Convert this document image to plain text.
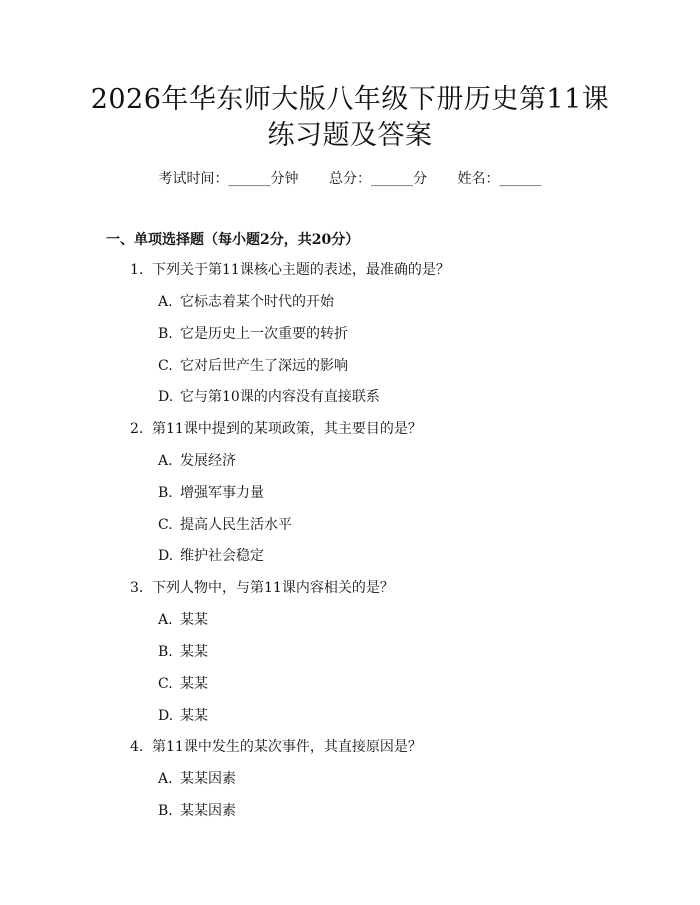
2026年华东师大版八年级下册历史第11课
练习题及答案
考试时间：______分钟 总分：______分 姓名：______
一、单项选择题（每小题2分，共20分）
1. 下列关于第11课核心主题的表述，最准确的是？
A. 它标志着某个时代的开始
B. 它是历史上一次重要的转折
C. 它对后世产生了深远的影响
D. 它与第10课的内容没有直接联系
2. 第11课中提到的某项政策，其主要目的是？
A. 发展经济
B. 增强军事力量
C. 提高人民生活水平
D. 维护社会稳定
3. 下列人物中，与第11课内容相关的是？
A. 某某
B. 某某
C. 某某
D. 某某
4. 第11课中发生的某次事件，其直接原因是？
A. 某某因素
B. 某某因素
